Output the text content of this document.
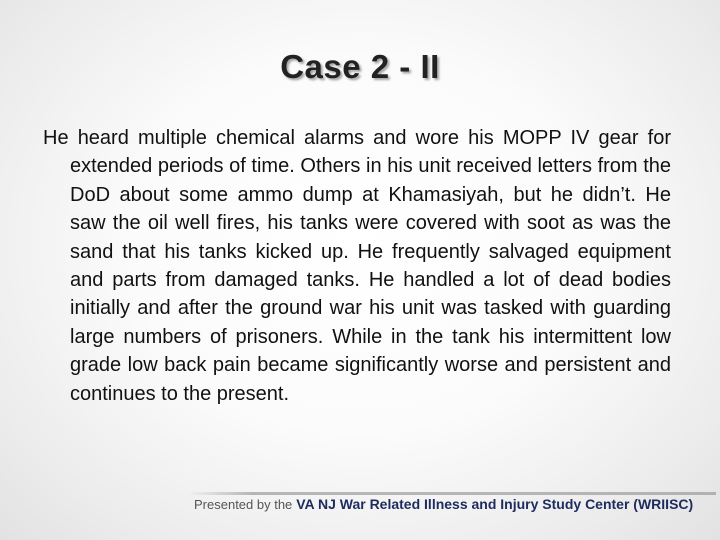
Case 2 - II

He heard multiple chemical alarms and wore his MOPP IV gear for extended periods of time. Others in his unit received letters from the DoD about some ammo dump at Khamasiyah, but he didn’t. He saw the oil well fires, his tanks were covered with soot as was the sand that his tanks kicked up. He frequently salvaged equipment and parts from damaged tanks. He handled a lot of dead bodies initially and after the ground war his unit was tasked with guarding large numbers of prisoners. While in the tank his intermittent low grade low back pain became significantly worse and persistent and continues to the present.

Presented by the VA NJ War Related Illness and Injury Study Center (WRIISC)
